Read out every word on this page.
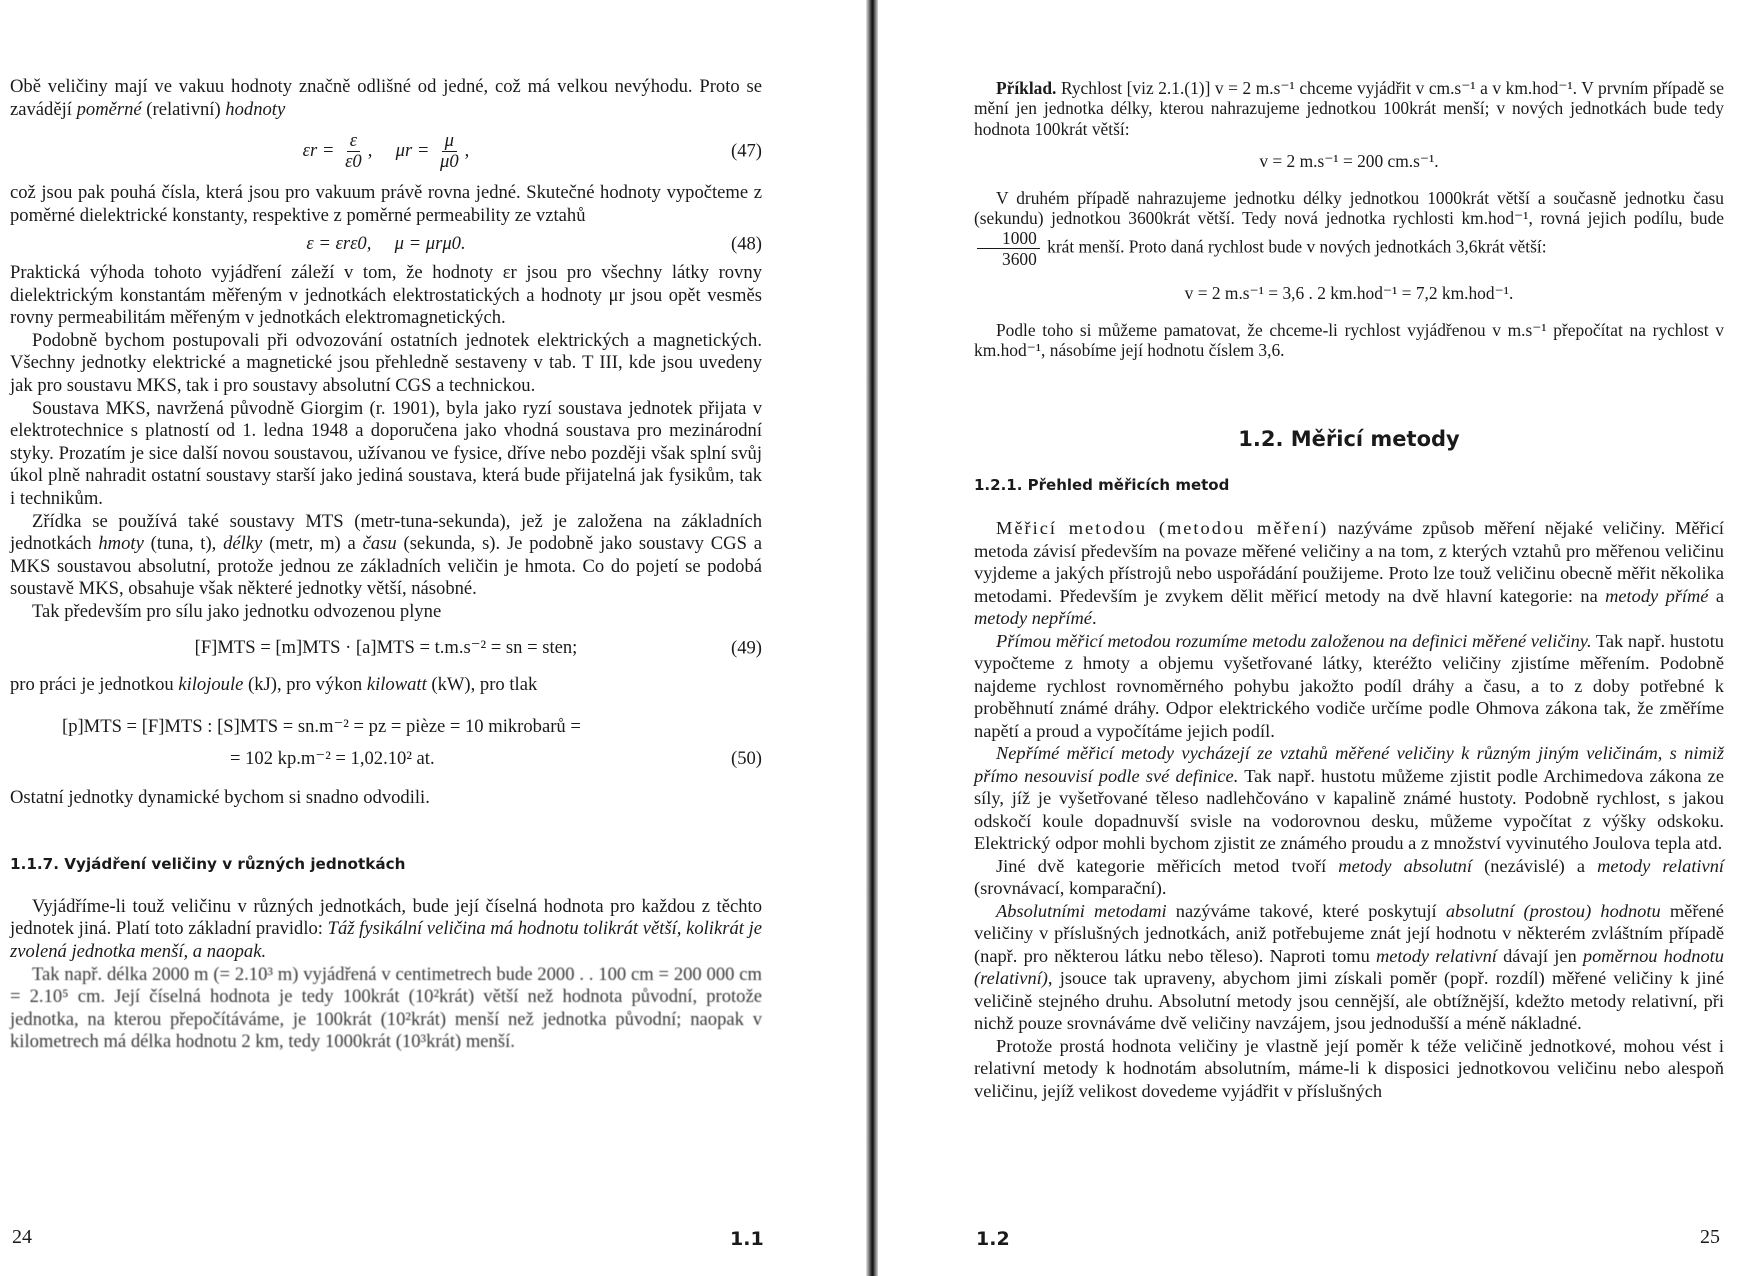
Obě veličiny mají ve vakuu hodnoty značně odlišné od jedné, což má velkou nevýhodu. Proto se zavádějí poměrné (relativní) hodnoty

$\varepsilon r = \frac{\varepsilon}{\varepsilon 0}$ , $\mu r = \frac{\mu}{\mu 0}$ ,	(47)

což jsou pak pouhá čísla, která jsou pro vakuum právě rovna jedné. Skutečné hodnoty vypočteme z poměrné dielektrické konstanty, respektive z poměrné permeability ze vztahů

ε = εrε0,     μ = μrμ0.	(48)

Praktická výhoda tohoto vyjádření záleží v tom, že hodnoty εr jsou pro všechny látky rovny dielektrickým konstantám měřeným v jednotkách elektrostatických a hodnoty μr jsou opět vesměs rovny permeabilitám měřeným v jednotkách elektromagnetických.

Podobně bychom postupovali při odvozování ostatních jednotek elektrických a magnetických. Všechny jednotky elektrické a magnetické jsou přehledně sestaveny v tab. T III, kde jsou uvedeny jak pro soustavu MKS, tak i pro soustavy absolutní CGS a technickou.

Soustava MKS, navržená původně Giorgim (r. 1901), byla jako ryzí soustava jednotek přijata v elektrotechnice s platností od 1. ledna 1948 a doporučena jako vhodná soustava pro mezinárodní styky. Prozatím je sice další novou soustavou, užívanou ve fysice, dříve nebo později však splní svůj úkol plně nahradit ostatní soustavy starší jako jediná soustava, která bude přijatelná jak fysikům, tak i technikům.

Zřídka se používá také soustavy MTS (metr-tuna-sekunda), jež je založena na základních jednotkách hmoty (tuna, t), délky (metr, m) a času (sekunda, s). Je podobně jako soustavy CGS a MKS soustavou absolutní, protože jednou ze základních veličin je hmota. Co do pojetí se podobá soustavě MKS, obsahuje však některé jednotky větší, násobné.

Tak především pro sílu jako jednotku odvozenou plyne

[F]MTS = [m]MTS · [a]MTS = t.m.s⁻² = sn = sten;	(49)

pro práci je jednotkou kilojoule (kJ), pro výkon kilowatt (kW), pro tlak

[p]MTS = [F]MTS : [S]MTS = sn.m⁻² = pz = pièze = 10 mikrobarů =
= 102 kp.m⁻² = 1,02.10² at.	(50)

Ostatní jednotky dynamické bychom si snadno odvodili.

1.1.7. Vyjádření veličiny v různých jednotkách

Vyjádříme-li touž veličinu v různých jednotkách, bude její číselná hodnota pro každou z těchto jednotek jiná. Platí toto základní pravidlo: Táž fysikální veličina má hodnotu tolikrát větší, kolikrát je zvolená jednotka menší, a naopak.

Tak např. délka 2000 m (= 2.10³ m) vyjádřená v centimetrech bude 2000 . . 100 cm = 200 000 cm = 2.10⁵ cm. Její číselná hodnota je tedy 100krát (10²krát) větší než hodnota původní, protože jednotka, na kterou přepočítáváme, je 100krát (10²krát) menší než jednotka původní; naopak v kilometrech má délka hodnotu 2 km, tedy 1000krát (10³krát) menší.

24	1.1

Příklad. Rychlost [viz 2.1.(1)] v = 2 m.s⁻¹ chceme vyjádřit v cm.s⁻¹ a v km.hod⁻¹. V prvním případě se mění jen jednotka délky, kterou nahrazujeme jednotkou 100krát menší; v nových jednotkách bude tedy hodnota 100krát větší:

v = 2 m.s⁻¹ = 200 cm.s⁻¹.

V druhém případě nahrazujeme jednotku délky jednotkou 1000krát větší a současně jednotku času (sekundu) jednotkou 3600krát větší. Tedy nová jednotka rychlosti km.hod⁻¹, rovná jejich podílu, bude
$\frac{1000}{3600}$ krát menší. Proto daná rychlost bude v nových jednotkách 3,6krát větší:

v = 2 m.s⁻¹ = 3,6 . 2 km.hod⁻¹ = 7,2 km.hod⁻¹.

Podle toho si můžeme pamatovat, že chceme-li rychlost vyjádřenou v m.s⁻¹ přepočítat na rychlost v km.hod⁻¹, násobíme její hodnotu číslem 3,6.

1.2. Měřicí metody

1.2.1. Přehled měřicích metod

Měřicí metodou (metodou měření) nazýváme způsob měření nějaké veličiny. Měřicí metoda závisí především na povaze měřené veličiny a na tom, z kterých vztahů pro měřenou veličinu vyjdeme a jakých přístrojů nebo uspořádání použijeme. Proto lze touž veličinu obecně měřit několika metodami. Především je zvykem dělit měřicí metody na dvě hlavní kategorie: na metody přímé a metody nepřímé.

Přímou měřicí metodou rozumíme metodu založenou na definici měřené veličiny. Tak např. hustotu vypočteme z hmoty a objemu vyšetřované látky, kteréžto veličiny zjistíme měřením. Podobně najdeme rychlost rovnoměrného pohybu jakožto podíl dráhy a času, a to z doby potřebné k proběhnutí známé dráhy. Odpor elektrického vodiče určíme podle Ohmova zákona tak, že změříme napětí a proud a vypočítáme jejich podíl.

Nepřímé měřicí metody vycházejí ze vztahů měřené veličiny k různým jiným veličinám, s nimiž přímo nesouvisí podle své definice. Tak např. hustotu můžeme zjistit podle Archimedova zákona ze síly, jíž je vyšetřované těleso nadlehčováno v kapalině známé hustoty. Podobně rychlost, s jakou odskočí koule dopadnuvší svisle na vodorovnou desku, můžeme vypočítat z výšky odskoku. Elektrický odpor mohli bychom zjistit ze známého proudu a z množství vyvinutého Joulova tepla atd.

Jiné dvě kategorie měřicích metod tvoří metody absolutní (nezávislé) a metody relativní (srovnávací, komparační).

Absolutními metodami nazýváme takové, které poskytují absolutní (prostou) hodnotu měřené veličiny v příslušných jednotkách, aniž potřebujeme znát její hodnotu v některém zvláštním případě (např. pro některou látku nebo těleso). Naproti tomu metody relativní dávají jen poměrnou hodnotu (relativní), jsouce tak upraveny, abychom jimi získali poměr (popř. rozdíl) měřené veličiny k jiné veličině stejného druhu. Absolutní metody jsou cennější, ale obtížnější, kdežto metody relativní, při nichž pouze srovnáváme dvě veličiny navzájem, jsou jednodušší a méně nákladné.

Protože prostá hodnota veličiny je vlastně její poměr k téže veličině jednotkové, mohou vést i relativní metody k hodnotám absolutním, máme-li k disposici jednotkovou veličinu nebo alespoň veličinu, jejíž velikost dovedeme vyjádřit v příslušných

1.2	25
